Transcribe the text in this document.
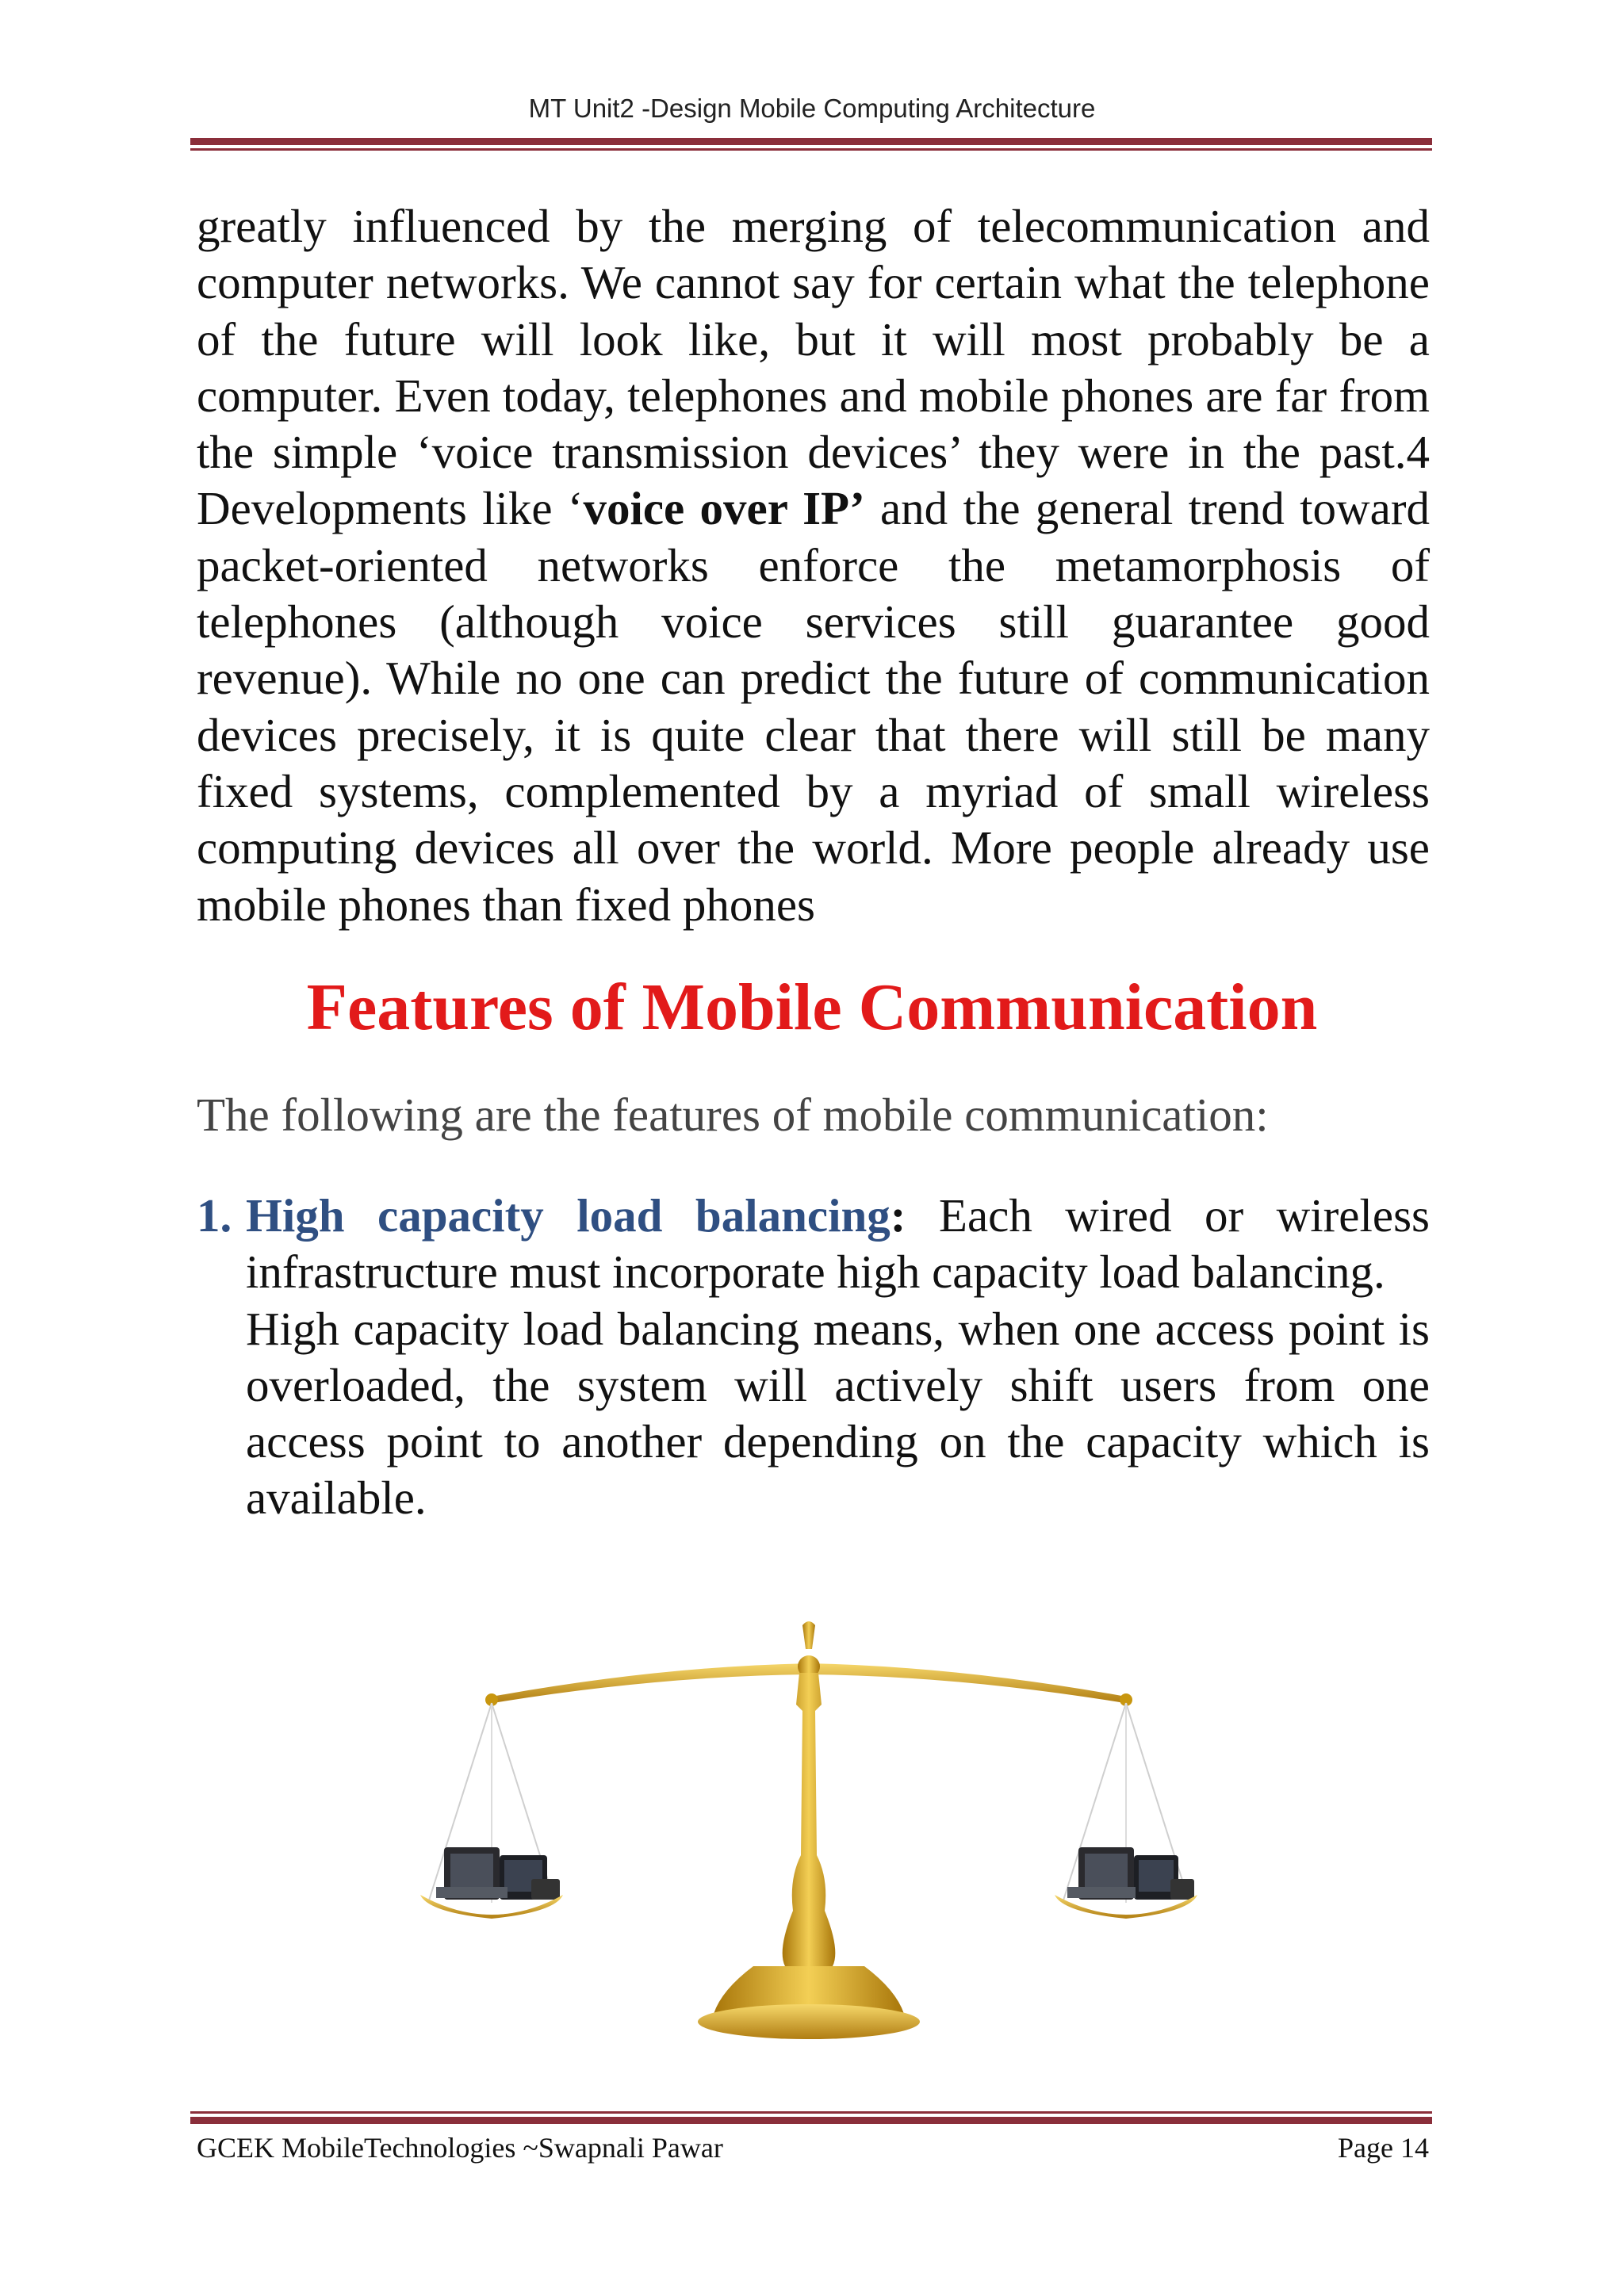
MT Unit2 -Design Mobile Computing Architecture
greatly influenced by the merging of telecommunication and computer networks. We cannot say for certain what the telephone of the future will look like, but it will most probably be a computer. Even today, telephones and mobile phones are far from the simple ‘voice transmission devices’ they were in the past.4 Developments like ‘voice over IP’ and the general trend toward packet-oriented networks enforce the metamorphosis of telephones (although voice services still guarantee good revenue). While no one can predict the future of communication devices precisely, it is quite clear that there will still be many fixed systems, complemented by a myriad of small wireless computing devices all over the world. More people already use mobile phones than fixed phones
Features of Mobile Communication
The following are the features of mobile communication:
1. High capacity load balancing: Each wired or wireless infrastructure must incorporate high capacity load balancing.

High capacity load balancing means, when one access point is overloaded, the system will actively shift users from one access point to another depending on the capacity which is available.

GCEK MobileTechnologies ~Swapnali Pawar	Page 14
